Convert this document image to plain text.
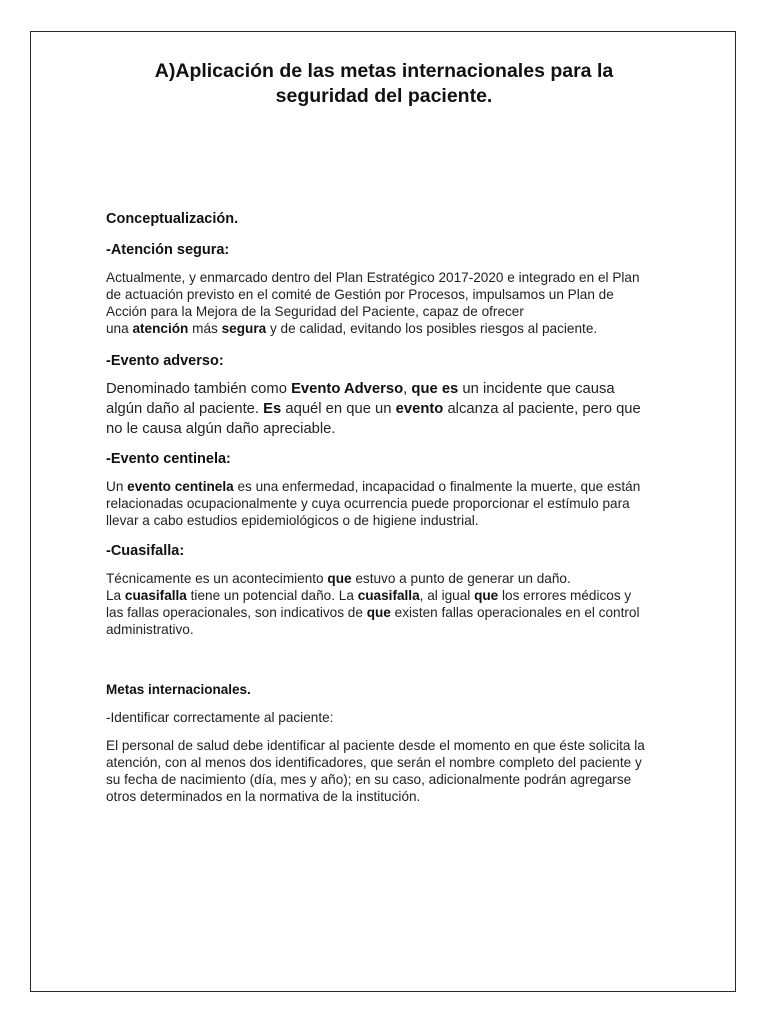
A)Aplicación de las metas internacionales para la
seguridad del paciente.

Conceptualización.

-Atención segura:

Actualmente, y enmarcado dentro del Plan Estratégico 2017-2020 e integrado en el Plan
de actuación previsto en el comité de Gestión por Procesos, impulsamos un Plan de
Acción para la Mejora de la Seguridad del Paciente, capaz de ofrecer
una atención más segura y de calidad, evitando los posibles riesgos al paciente.

-Evento adverso:

Denominado también como Evento Adverso, que es un incidente que causa
algún daño al paciente. Es aquél en que un evento alcanza al paciente, pero que
no le causa algún daño apreciable.

-Evento centinela:

Un evento centinela es una enfermedad, incapacidad o finalmente la muerte, que están
relacionadas ocupacionalmente y cuya ocurrencia puede proporcionar el estímulo para
llevar a cabo estudios epidemiológicos o de higiene industrial.

-Cuasifalla:

Técnicamente es un acontecimiento que estuvo a punto de generar un daño.
La cuasifalla tiene un potencial daño. La cuasifalla, al igual que los errores médicos y
las fallas operacionales, son indicativos de que existen fallas operacionales en el control
administrativo.

Metas internacionales.

-Identificar correctamente al paciente:

El personal de salud debe identificar al paciente desde el momento en que éste solicita la
atención, con al menos dos identificadores, que serán el nombre completo del paciente y
su fecha de nacimiento (día, mes y año); en su caso, adicionalmente podrán agregarse
otros determinados en la normativa de la institución.
